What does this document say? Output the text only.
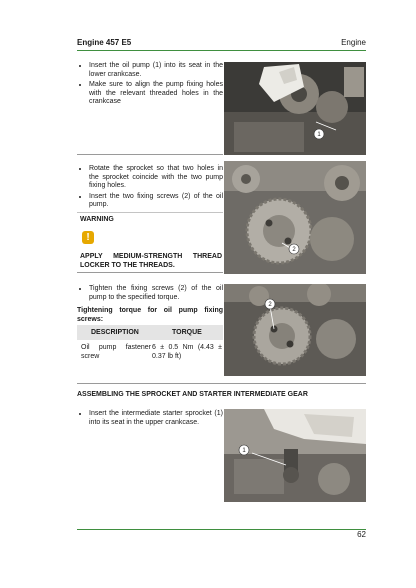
Engine 457 E5	Engine
• Insert the oil pump (1) into its seat in the lower crankcase.
• Make sure to align the pump fixing holes with the relevant threaded holes in the crankcase
1
• Rotate the sprocket so that two holes in the sprocket coincide with the two pump fixing holes.
• Insert the two fixing screws (2) of the oil pump.
WARNING
!
APPLY MEDIUM-STRENGTH THREAD
LOCKER TO THE THREADS.
2
• Tighten the fixing screws (2) of the oil pump to the specified torque.
Tightening torque for oil pump fixing screws:
DESCRIPTION	TORQUE
Oil pump fastener screw
6 ± 0.5 Nm (4.43 ± 0.37 lb ft)
2
ASSEMBLING THE SPROCKET AND STARTER INTERMEDIATE GEAR
• Insert the intermediate starter sprocket (1) into its seat in the upper crankcase.
1
62
